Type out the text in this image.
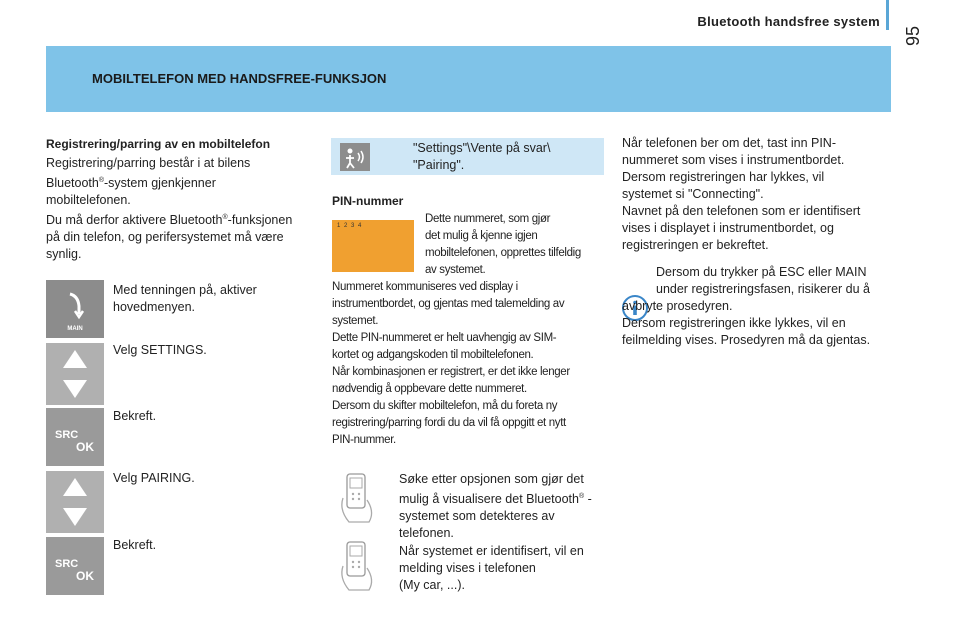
Bluetooth handsfree system
95
MOBILTELEFON MED HANDSFREE-FUNKSJON
Registrering/parring av en mobiltelefon
Registrering/parring består i at bilens
Bluetooth®-system gjenkjenner
mobiltelefonen.
Du må derfor aktivere Bluetooth®-funksjonen
på din telefon, og perifersystemet må være
synlig.
MAIN
Med tenningen på, aktiver
hovedmenyen.
Velg SETTINGS.
SRC
OK
Bekreft.
Velg PAIRING.
SRC
OK
Bekreft.
"Settings"\Vente på svar\
"Pairing".
PIN-nummer
1 2 3 4
Dette nummeret, som gjør
det mulig å kjenne igjen
mobiltelefonen, opprettes tilfeldig
av systemet.
Nummeret kommuniseres ved display i
instrumentbordet, og gjentas med talemelding av
systemet.
Dette PIN-nummeret er helt uavhengig av SIM-
kortet og adgangskoden til mobiltelefonen.
Når kombinasjonen er registrert, er det ikke lenger
nødvendig å oppbevare dette nummeret.
Dersom du skifter mobiltelefon, må du foreta ny
registrering/parring fordi du da vil få oppgitt et nytt
PIN-nummer.
Søke etter opsjonen som gjør det
mulig å visualisere det Bluetooth® -
systemet som detekteres av
telefonen.
Når systemet er identifisert, vil en
melding vises i telefonen
(My car, ...).
Når telefonen ber om det, tast inn PIN-
nummeret som vises i instrumentbordet.
Dersom registreringen har lykkes, vil
systemet si "Connecting".
Navnet på den telefonen som er identifisert
vises i displayet i instrumentbordet, og
registreringen er bekreftet.
Dersom du trykker på ESC eller MAIN
under registreringsfasen, risikerer du å
avbryte prosedyren.
Dersom registreringen ikke lykkes, vil en
feilmelding vises. Prosedyren må da gjentas.
